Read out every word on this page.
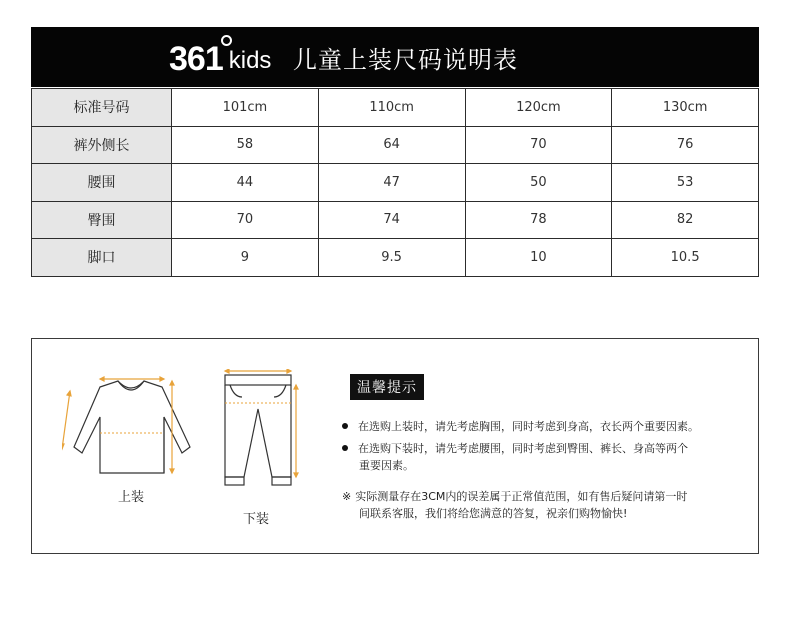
361 kids 儿童上装尺码说明表
标准号码	101cm	110cm	120cm	130cm
裤外侧长	58	64	70	76
腰围	44	47	50	53
臀围	70	74	78	82
脚口	9	9.5	10	10.5
上装
下装
温馨提示
在选购上装时，请先考虑胸围，同时考虑到身高，衣长两个重要因素。
在选购下装时，请先考虑腰围，同时考虑到臀围、裤长、身高等两个
重要因素。
※ 实际测量存在3CM内的误差属于正常值范围，如有售后疑问请第一时
间联系客服，我们将给您满意的答复，祝亲们购物愉快!
